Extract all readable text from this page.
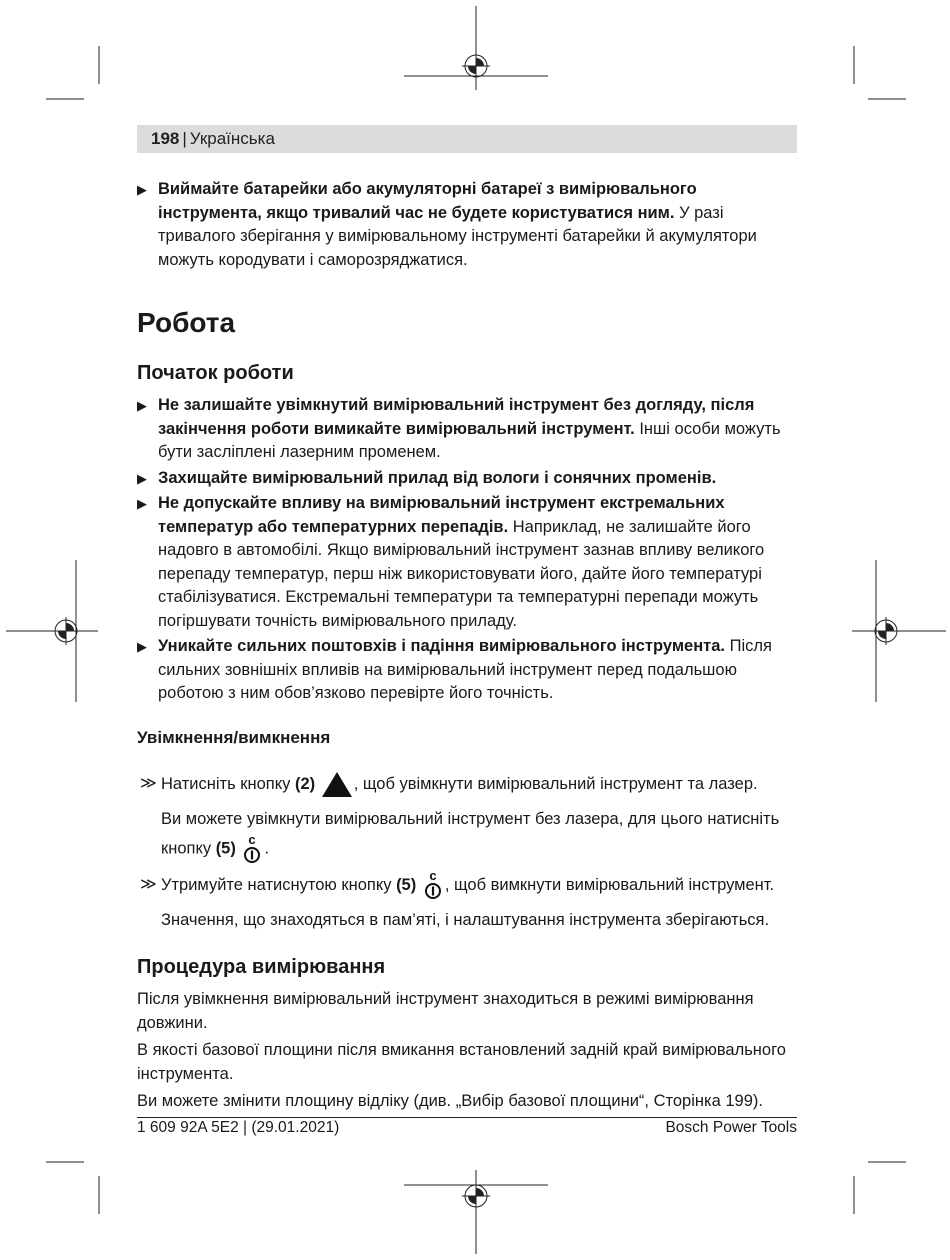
198 | Українська

▶ Виймайте батарейки або акумуляторні батареї з вимірювального інструмента, якщо тривалий час не будете користуватися ним. У разі тривалого зберігання у вимірювальному інструменті батарейки й акумулятори можуть кородувати і саморозряджатися.

Робота
Початок роботи

▶ Не залишайте увімкнутий вимірювальний інструмент без догляду, після закінчення роботи вимикайте вимірювальний інструмент. Інші особи можуть бути засліплені лазерним променем.

▶ Захищайте вимірювальний прилад від вологи і сонячних променів.

▶ Не допускайте впливу на вимірювальний інструмент екстремальних температур або температурних перепадів. Наприклад, не залишайте його надовго в автомобілі. Якщо вимірювальний інструмент зазнав впливу великого перепаду температур, перш ніж використовувати його, дайте його температурі стабілізуватися. Екстремальні температури та температурні перепади можуть погіршувати точність вимірювального приладу.

▶ Уникайте сильних поштовхів і падіння вимірювального інструмента. Після сильних зовнішніх впливів на вимірювальний інструмент перед подальшою роботою з ним обов’язково перевірте його точність.

Увімкнення/вимкнення

≫ Натисніть кнопку (2) , щоб увімкнути вимірювальний інструмент та лазер.

Ви можете увімкнути вимірювальний інструмент без лазера, для цього натисніть кнопку (5) c .

≫ Утримуйте натиснутою кнопку (5) c , щоб вимкнути вимірювальний інструмент.

Значення, що знаходяться в пам’яті, і налаштування інструмента зберігаються.

Процедура вимірювання

Після увімкнення вимірювальний інструмент знаходиться в режимі вимірювання довжини.

В якості базової площини після вмикання встановлений задній край вимірювального інструмента.

Ви можете змінити площину відліку (див. „Вибір базової площини“, Сторінка 199).

1 609 92A 5E2 | (29.01.2021)	Bosch Power Tools
